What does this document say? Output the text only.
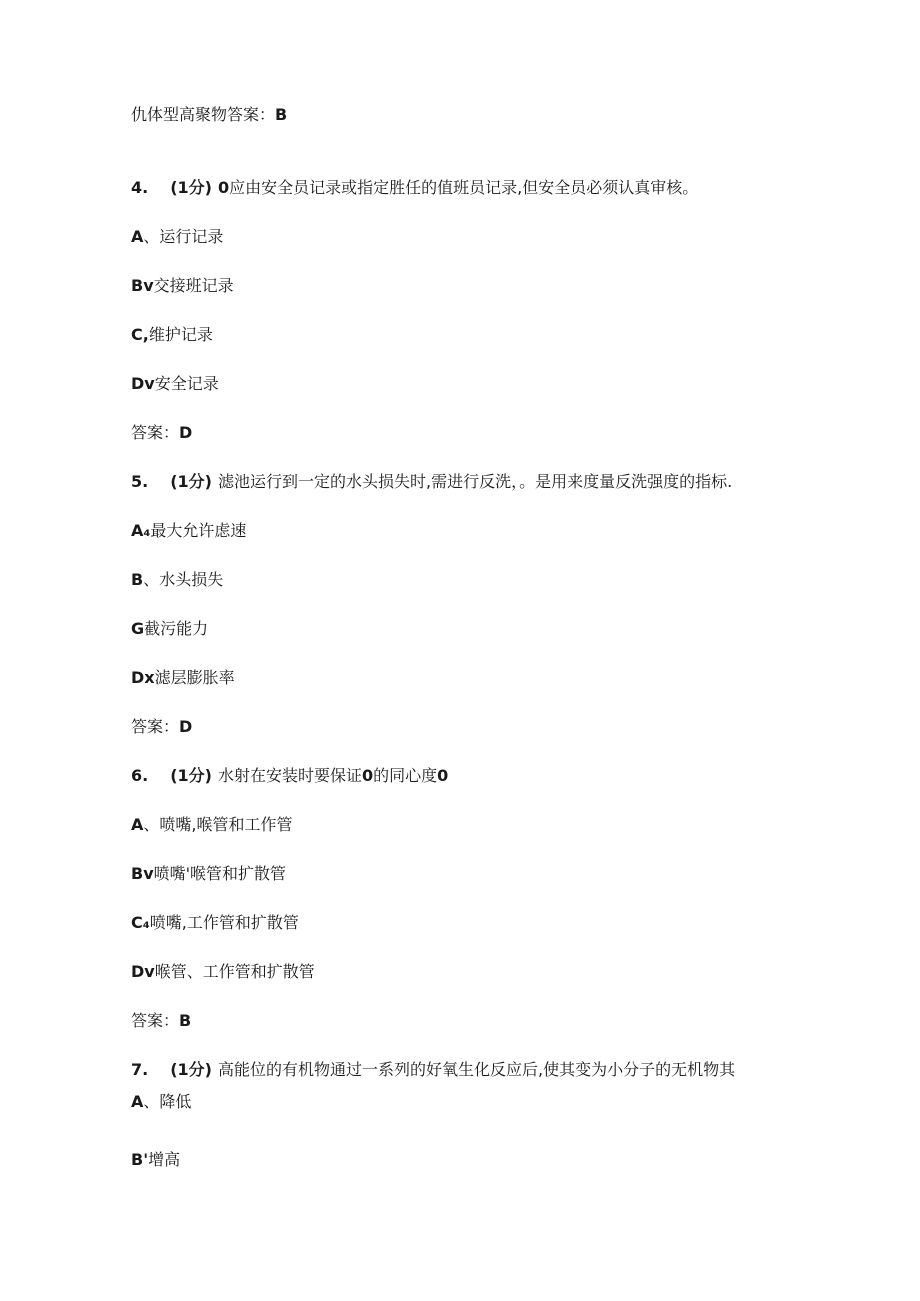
仇体型高聚物答案：B
4. (1分) 0应由安全员记录或指定胜任的值班员记录,但安全员必须认真审核。
A、运行记录
Bv交接班记录
C,维护记录
Dv安全记录
答案：D
5. (1分) 滤池运行到一定的水头损失时,需进行反洗，。是用来度量反洗强度的指标.
A₄最大允许虑速
B、水头损失
G截污能力
Dx滤层膨胀率
答案：D
6. (1分) 水射在安装时要保证0的同心度0
A、喷嘴,喉管和工作管
Bv喷嘴'喉管和扩散管
C₄喷嘴,工作管和扩散管
Dv喉管、工作管和扩散管
答案：B
7. (1分) 高能位的有机物通过一系列的好氧生化反应后,使其变为小分子的无机物其
A、降低
B'增高
